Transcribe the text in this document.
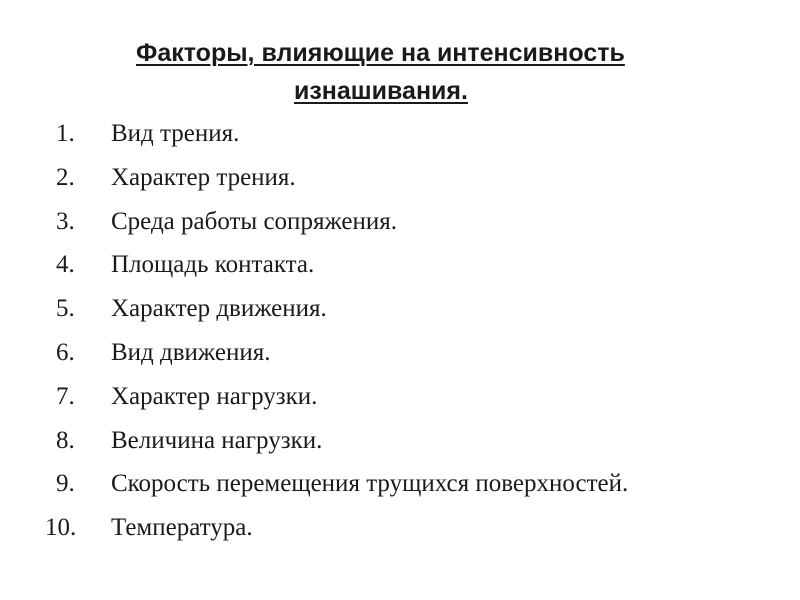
Факторы, влияющие на интенсивность
изнашивания.
1. Вид трения.
2. Характер трения.
3. Среда работы сопряжения.
4. Площадь контакта.
5. Характер движения.
6. Вид движения.
7. Характер нагрузки.
8. Величина нагрузки.
9. Скорость перемещения трущихся поверхностей.
10. Температура.
